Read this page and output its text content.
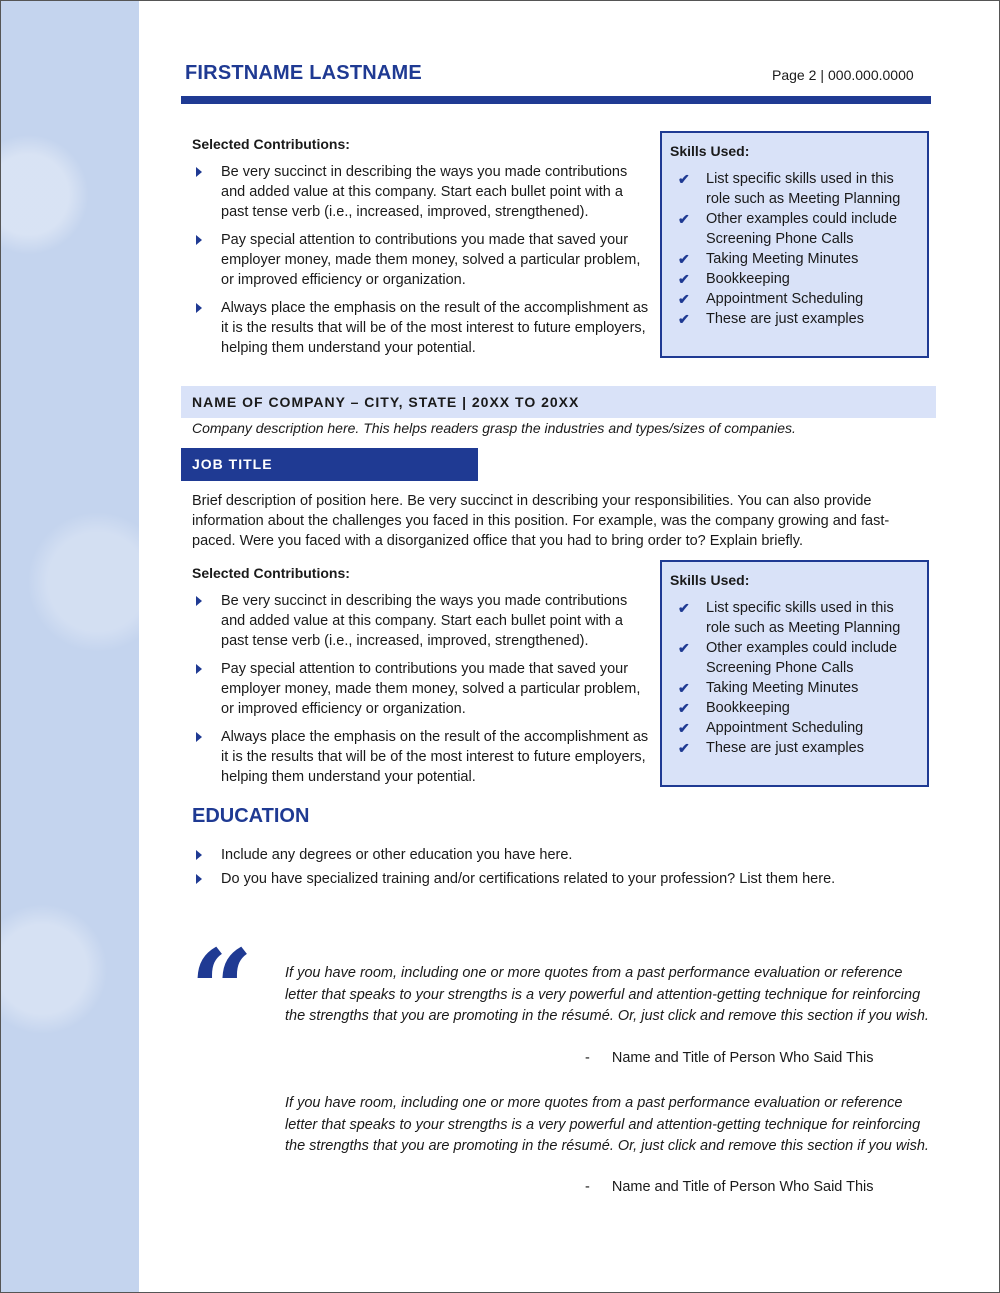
FIRSTNAME LASTNAME	Page 2 | 000.000.0000
Selected Contributions:
Be very succinct in describing the ways you made contributions and added value at this company. Start each bullet point with a past tense verb (i.e., increased, improved, strengthened).
Pay special attention to contributions you made that saved your employer money, made them money, solved a particular problem, or improved efficiency or organization.
Always place the emphasis on the result of the accomplishment as it is the results that will be of the most interest to future employers, helping them understand your potential.
Skills Used:
✔ List specific skills used in this role such as Meeting Planning
✔ Other examples could include Screening Phone Calls
✔ Taking Meeting Minutes
✔ Bookkeeping
✔ Appointment Scheduling
✔ These are just examples
NAME OF COMPANY – CITY, STATE | 20XX TO 20XX
Company description here. This helps readers grasp the industries and types/sizes of companies.
JOB TITLE
Brief description of position here. Be very succinct in describing your responsibilities. You can also provide information about the challenges you faced in this position. For example, was the company growing and fast-paced. Were you faced with a disorganized office that you had to bring order to? Explain briefly.
Selected Contributions:
Be very succinct in describing the ways you made contributions and added value at this company. Start each bullet point with a past tense verb (i.e., increased, improved, strengthened).
Pay special attention to contributions you made that saved your employer money, made them money, solved a particular problem, or improved efficiency or organization.
Always place the emphasis on the result of the accomplishment as it is the results that will be of the most interest to future employers, helping them understand your potential.
Skills Used:
✔ List specific skills used in this role such as Meeting Planning
✔ Other examples could include Screening Phone Calls
✔ Taking Meeting Minutes
✔ Bookkeeping
✔ Appointment Scheduling
✔ These are just examples
EDUCATION
Include any degrees or other education you have here.
Do you have specialized training and/or certifications related to your profession? List them here.
“ If you have room, including one or more quotes from a past performance evaluation or reference letter that speaks to your strengths is a very powerful and attention-getting technique for reinforcing the strengths that you are promoting in the résumé. Or, just click and remove this section if you wish.
- Name and Title of Person Who Said This
If you have room, including one or more quotes from a past performance evaluation or reference letter that speaks to your strengths is a very powerful and attention-getting technique for reinforcing the strengths that you are promoting in the résumé. Or, just click and remove this section if you wish.
- Name and Title of Person Who Said This
